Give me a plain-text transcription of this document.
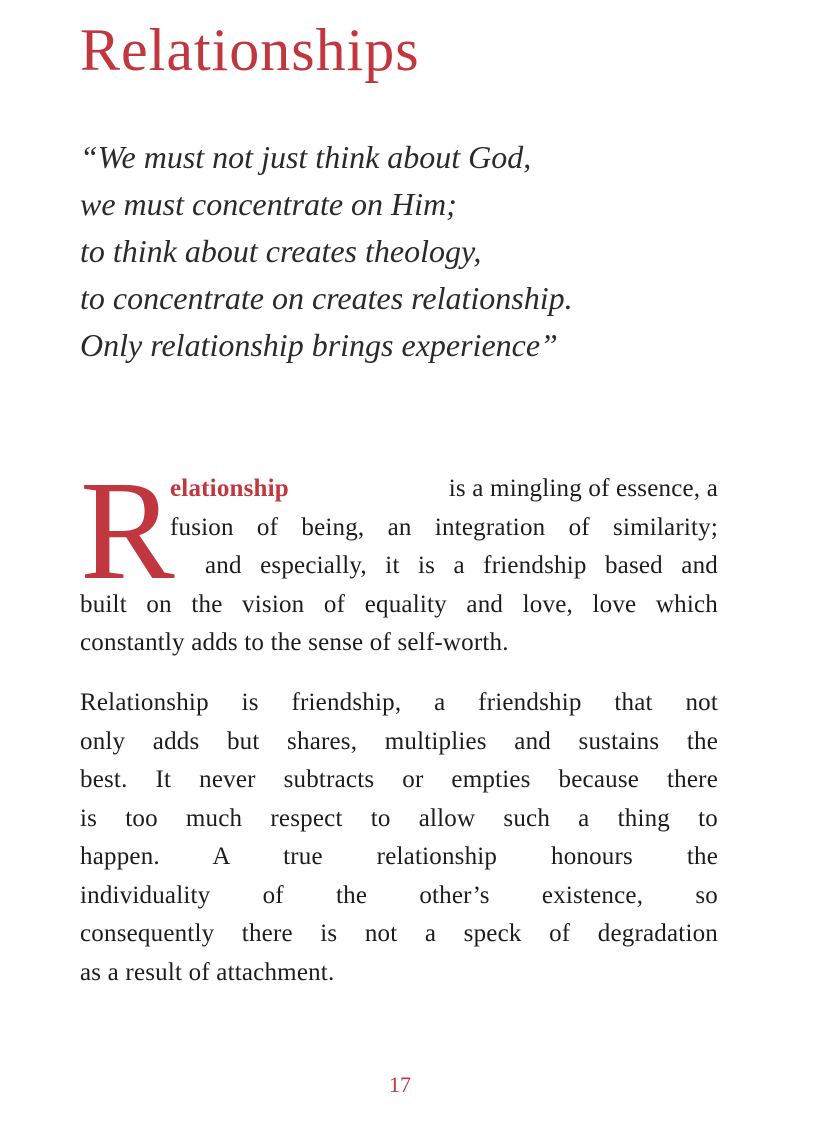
Relationships
“We must not just think about God,
we must concentrate on Him;
to think about creates theology,
to concentrate on creates relationship.
Only relationship brings experience”
R
elationship	is a mingling of essence, a
fusion of being, an integration of similarity;
and especially, it is a friendship based and
built on the vision of equality and love, love which
constantly adds to the sense of self-worth.
Relationship is friendship, a friendship that not
only adds but shares, multiplies and sustains the
best. It never subtracts or empties because there
is too much respect to allow such a thing to
happen. A true relationship honours the
individuality of the other’s existence, so
consequently there is not a speck of degradation
as a result of attachment.
17
